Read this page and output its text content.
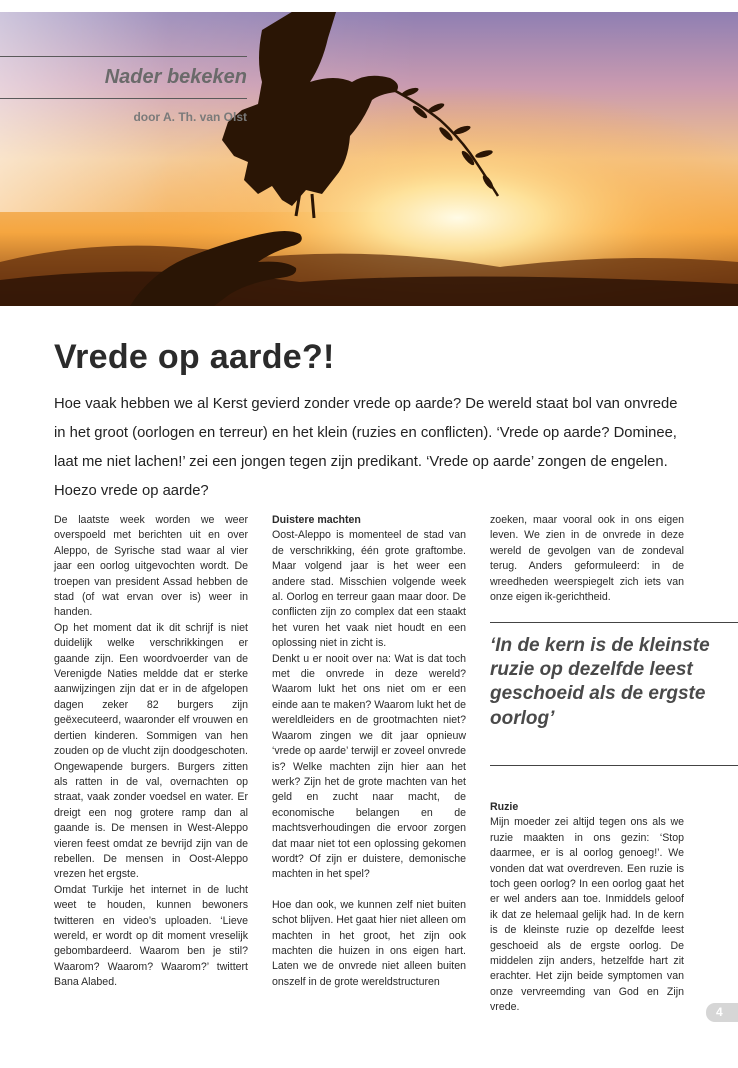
Nader bekeken
door A. Th. van Olst
Vrede op aarde?!

Hoe vaak hebben we al Kerst gevierd zonder vrede op aarde? De wereld staat bol van onvrede in het groot (oorlogen en terreur) en het klein (ruzies en conflicten). ‘Vrede op aarde? Dominee, laat me niet lachen!’ zei een jongen tegen zijn predikant. ‘Vrede op aarde’ zongen de engelen. Hoezo vrede op aarde?

De laatste week worden we weer overspoeld met berichten uit en over Aleppo, de Syrische stad waar al vier jaar een oorlog uitgevochten wordt. De troepen van president Assad hebben de stad (of wat ervan over is) weer in handen.

Op het moment dat ik dit schrijf is niet duidelijk welke verschrikkingen er gaande zijn. Een woordvoerder van de Verenigde Naties meldde dat er sterke aanwijzingen zijn dat er in de afgelopen dagen zeker 82 burgers zijn geëxecuteerd, waaronder elf vrouwen en dertien kinderen. Sommigen van hen zouden op de vlucht zijn doodgeschoten. Ongewapende burgers. Burgers zitten als ratten in de val, overnachten op straat, vaak zonder voedsel en water. Er dreigt een nog grotere ramp dan al gaande is. De mensen in West-Aleppo vieren feest omdat ze bevrijd zijn van de rebellen. De mensen in Oost-Aleppo vrezen het ergste.

Omdat Turkije het internet in de lucht weet te houden, kunnen bewoners twitteren en video’s uploaden. ‘Lieve wereld, er wordt op dit moment vreselijk gebombardeerd. Waarom ben je stil? Waarom? Waarom? Waarom?’ twittert Bana Alabed.

Duistere machten

Oost-Aleppo is momenteel de stad van de verschrikking, één grote graftombe. Maar volgend jaar is het weer een andere stad. Misschien volgende week al. Oorlog en terreur gaan maar door. De conflicten zijn zo complex dat een staakt het vuren het vaak niet houdt en een oplossing niet in zicht is.

Denkt u er nooit over na: Wat is dat toch met die onvrede in deze wereld? Waarom lukt het ons niet om er een einde aan te maken? Waarom lukt het de wereldleiders en de grootmachten niet? Waarom zingen we dit jaar opnieuw ‘vrede op aarde’ terwijl er zoveel onvrede is? Welke machten zijn hier aan het werk? Zijn het de grote machten van het geld en zucht naar macht, de economische belangen en de machtsverhoudingen die ervoor zorgen dat maar niet tot een oplossing gekomen wordt? Of zijn er duistere, demonische machten in het spel?

Hoe dan ook, we kunnen zelf niet buiten schot blijven. Het gaat hier niet alleen om machten in het groot, het zijn ook machten die huizen in ons eigen hart. Laten we de onvrede niet alleen buiten onszelf in de grote wereldstructuren

zoeken, maar vooral ook in ons eigen leven. We zien in de onvrede in deze wereld de gevolgen van de zondeval terug. Anders geformuleerd: in de wreedheden weerspiegelt zich iets van onze eigen ik-gerichtheid.

‘In de kern is de kleinste ruzie op dezelfde leest geschoeid als de ergste oorlog’

Ruzie

Mijn moeder zei altijd tegen ons als we ruzie maakten in ons gezin: ‘Stop daarmee, er is al oorlog genoeg!’. We vonden dat wat overdreven. Een ruzie is toch geen oorlog? In een oorlog gaat het er wel anders aan toe. Inmiddels geloof ik dat ze helemaal gelijk had. In de kern is de kleinste ruzie op dezelfde leest geschoeid als de ergste oorlog. De middelen zijn anders, hetzelfde hart zit erachter. Het zijn beide symptomen van onze vervreemding van God en Zijn vrede.	4
